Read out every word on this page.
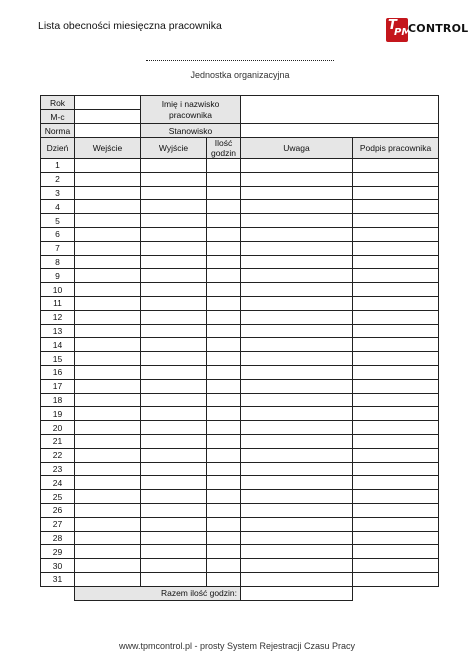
Lista obecności miesięczna pracownika	T
PM
CONTROL
Jednostka organizacyjna
Rok		Imię i nazwisko pracownika			
M-c					
Norma		Stanowisko			
Dzień	Wejście	Wyjście	Ilość godzin	Uwaga	Podpis pracownika
1					
2					
3					
4					
5					
6					
7					
8					
9					
10					
11					
12					
13					
14					
15					
16					
17					
18					
19					
20					
21					
22					
23					
24					
25					
26					
27					
28					
29					
30					
31					
	Razem ilość godzin:				
www.tpmcontrol.pl - prosty System Rejestracji Czasu Pracy
